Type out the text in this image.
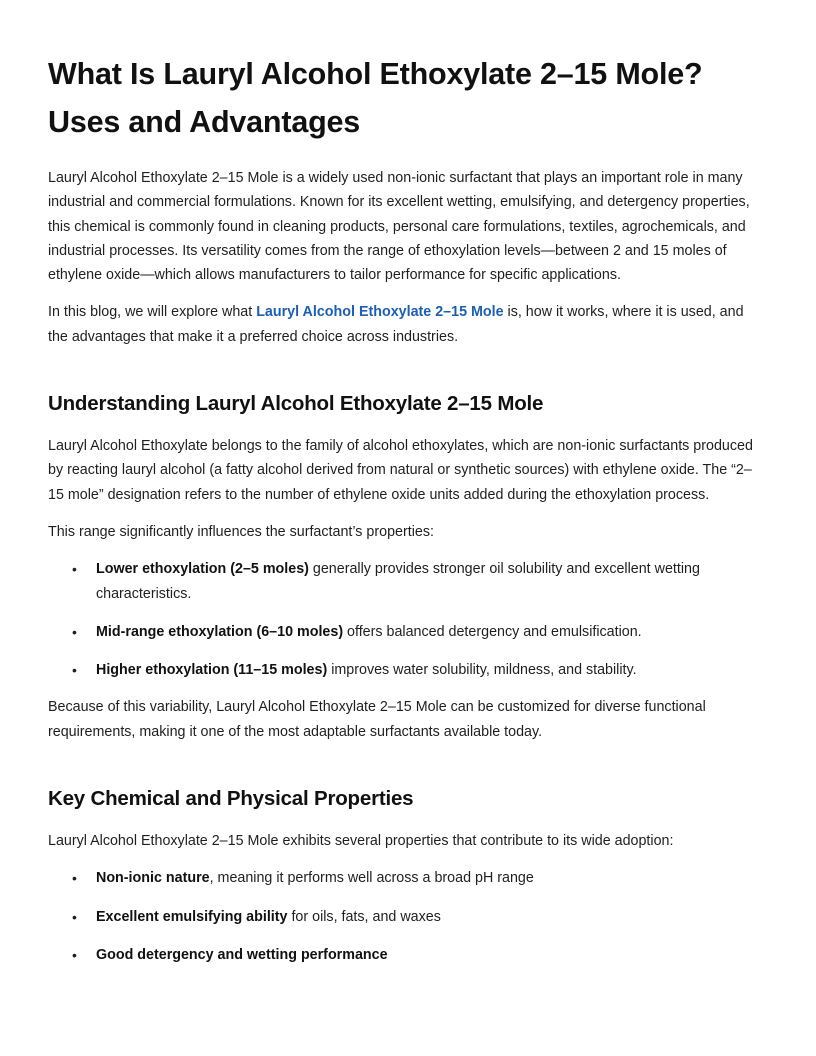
What Is Lauryl Alcohol Ethoxylate 2–15 Mole?
Uses and Advantages

Lauryl Alcohol Ethoxylate 2–15 Mole is a widely used non-ionic surfactant that plays an important role in many industrial and commercial formulations. Known for its excellent wetting, emulsifying, and detergency properties, this chemical is commonly found in cleaning products, personal care formulations, textiles, agrochemicals, and industrial processes. Its versatility comes from the range of ethoxylation levels—between 2 and 15 moles of ethylene oxide—which allows manufacturers to tailor performance for specific applications.

In this blog, we will explore what Lauryl Alcohol Ethoxylate 2–15 Mole is, how it works, where it is used, and the advantages that make it a preferred choice across industries.

Understanding Lauryl Alcohol Ethoxylate 2–15 Mole

Lauryl Alcohol Ethoxylate belongs to the family of alcohol ethoxylates, which are non-ionic surfactants produced by reacting lauryl alcohol (a fatty alcohol derived from natural or synthetic sources) with ethylene oxide. The “2–15 mole” designation refers to the number of ethylene oxide units added during the ethoxylation process.

This range significantly influences the surfactant’s properties:

• Lower ethoxylation (2–5 moles) generally provides stronger oil solubility and excellent wetting characteristics.
• Mid-range ethoxylation (6–10 moles) offers balanced detergency and emulsification.
• Higher ethoxylation (11–15 moles) improves water solubility, mildness, and stability.

Because of this variability, Lauryl Alcohol Ethoxylate 2–15 Mole can be customized for diverse functional requirements, making it one of the most adaptable surfactants available today.

Key Chemical and Physical Properties

Lauryl Alcohol Ethoxylate 2–15 Mole exhibits several properties that contribute to its wide adoption:

• Non-ionic nature, meaning it performs well across a broad pH range
• Excellent emulsifying ability for oils, fats, and waxes
• Good detergency and wetting performance
